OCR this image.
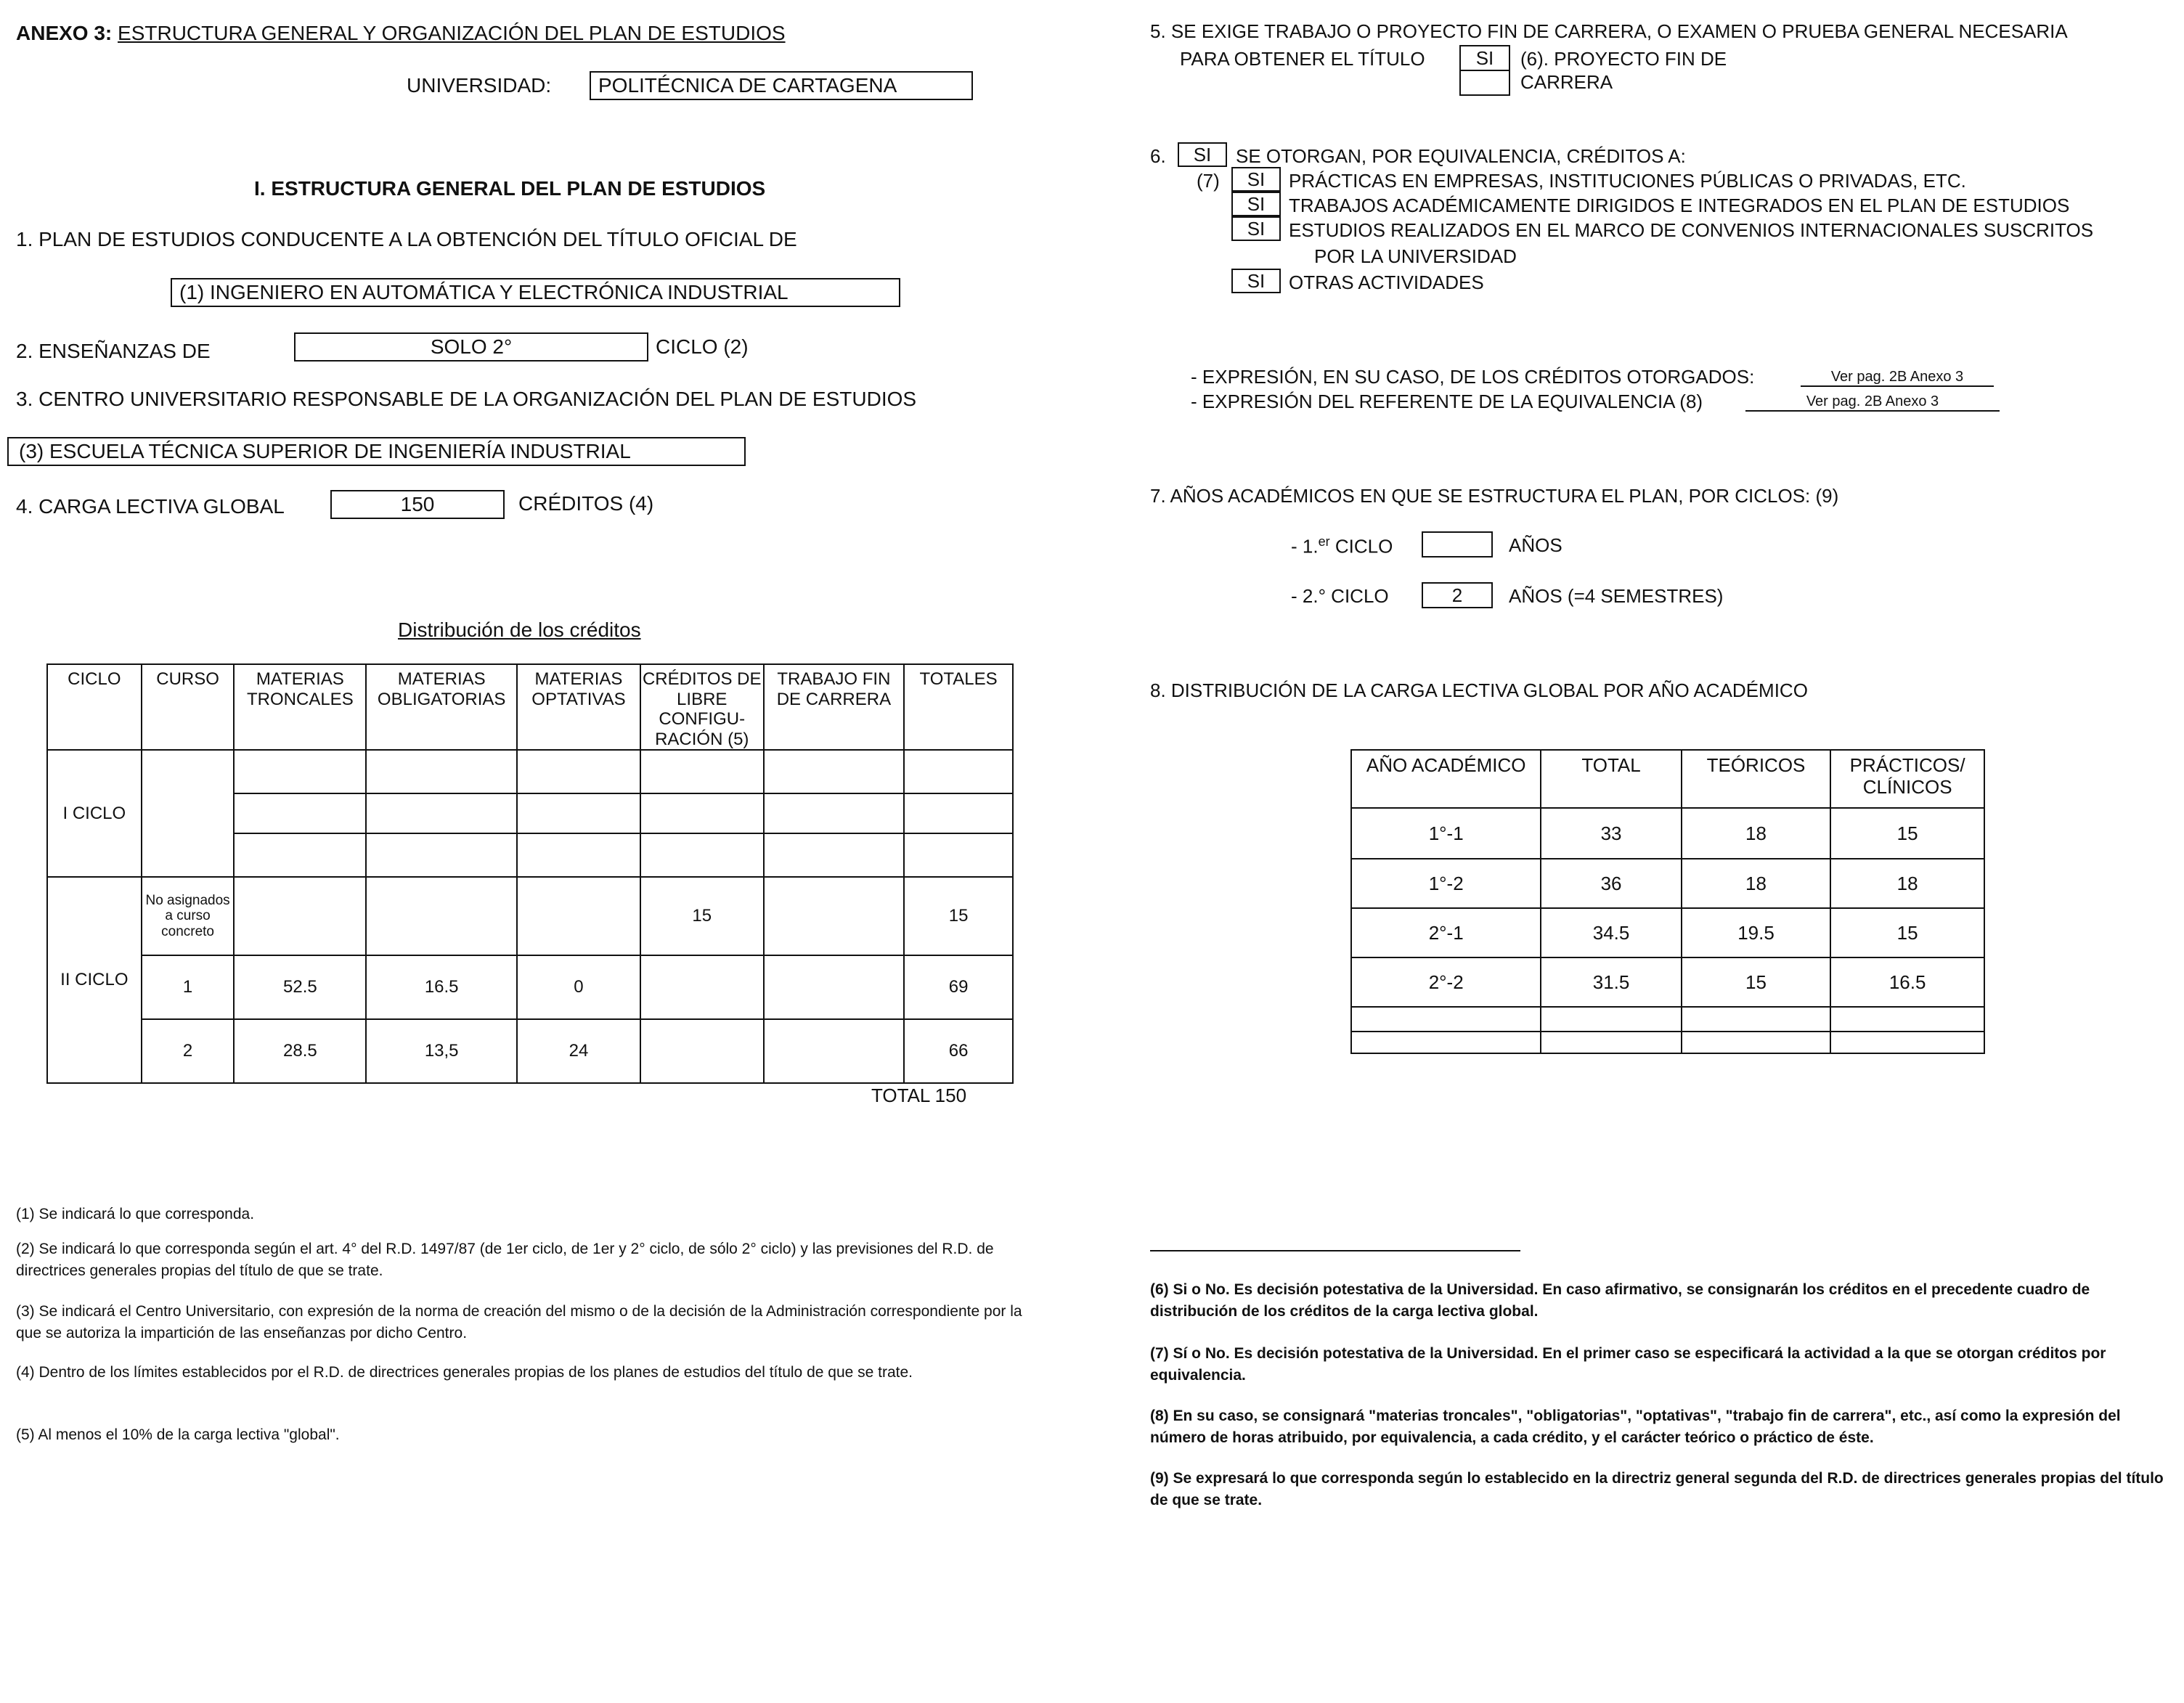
ANEXO 3: ESTRUCTURA GENERAL Y ORGANIZACIÓN DEL PLAN DE ESTUDIOS
UNIVERSIDAD:	POLITÉCNICA DE CARTAGENA
I. ESTRUCTURA GENERAL DEL PLAN DE ESTUDIOS
1. PLAN DE ESTUDIOS CONDUCENTE A LA OBTENCIÓN DEL TÍTULO OFICIAL DE
(1) INGENIERO EN AUTOMÁTICA Y ELECTRÓNICA INDUSTRIAL
2. ENSEÑANZAS DE	SOLO 2°	CICLO (2)
3. CENTRO UNIVERSITARIO RESPONSABLE DE LA ORGANIZACIÓN DEL PLAN DE ESTUDIOS
(3) ESCUELA TÉCNICA SUPERIOR DE INGENIERÍA INDUSTRIAL
4. CARGA LECTIVA GLOBAL	150	CRÉDITOS (4)
Distribución de los créditos
CICLO	CURSO	MATERIAS TRONCALES	MATERIAS OBLIGATORIAS	MATERIAS OPTATIVAS	CRÉDITOS DE LIBRE CONFIGU- RACIÓN (5)	TRABAJO FIN DE CARRERA	TOTALES
I CICLO							

II CICLO	No asignados a curso concreto				15		15
	1	52.5	16.5	0			69
	2	28.5	13,5	24			66
TOTAL 150
(1) Se indicará lo que corresponda.
(2) Se indicará lo que corresponda según el art. 4° del R.D. 1497/87 (de 1er ciclo, de 1er y 2° ciclo, de sólo 2° ciclo) y las previsiones del R.D. de directrices generales propias del título de que se trate.
(3) Se indicará el Centro Universitario, con expresión de la norma de creación del mismo o de la decisión de la Administración correspondiente por la que se autoriza la impartición de las enseñanzas por dicho Centro.
(4) Dentro de los límites establecidos por el R.D. de directrices generales propias de los planes de estudios del título de que se trate.
(5) Al menos el 10% de la carga lectiva "global".
5. SE EXIGE TRABAJO O PROYECTO FIN DE CARRERA, O EXAMEN O PRUEBA GENERAL NECESARIA
PARA OBTENER EL TÍTULO	SI	(6). PROYECTO FIN DE
CARRERA
6.	SI	SE OTORGAN, POR EQUIVALENCIA, CRÉDITOS A:
(7)	SI	PRÁCTICAS EN EMPRESAS, INSTITUCIONES PÚBLICAS O PRIVADAS, ETC.
SI	TRABAJOS ACADÉMICAMENTE DIRIGIDOS E INTEGRADOS EN EL PLAN DE ESTUDIOS
SI	ESTUDIOS REALIZADOS EN EL MARCO DE CONVENIOS INTERNACIONALES SUSCRITOS
POR LA UNIVERSIDAD
SI	OTRAS ACTIVIDADES
- EXPRESIÓN, EN SU CASO, DE LOS CRÉDITOS OTORGADOS:	Ver pag. 2B Anexo 3
- EXPRESIÓN DEL REFERENTE DE LA EQUIVALENCIA (8)	Ver pag. 2B Anexo 3
7. AÑOS ACADÉMICOS EN QUE SE ESTRUCTURA EL PLAN, POR CICLOS: (9)
- 1.$^{er}$ CICLO	AÑOS
- 2.° CICLO	2	AÑOS (=4 SEMESTRES)
8. DISTRIBUCIÓN DE LA CARGA LECTIVA GLOBAL POR AÑO ACADÉMICO
AÑO ACADÉMICO	TOTAL	TEÓRICOS	PRÁCTICOS/ CLÍNICOS
1°-1	33	18	15
1°-2	36	18	18
2°-1	34.5	19.5	15
2°-2	31.5	15	16.5

(6) Si o No. Es decisión potestativa de la Universidad. En caso afirmativo, se consignarán los créditos en el precedente cuadro de distribución de los créditos de la carga lectiva global.
(7) Sí o No. Es decisión potestativa de la Universidad. En el primer caso se especificará la actividad a la que se otorgan créditos por equivalencia.
(8) En su caso, se consignará "materias troncales", "obligatorias", "optativas", "trabajo fin de carrera", etc., así como la expresión del número de horas atribuido, por equivalencia, a cada crédito, y el carácter teórico o práctico de éste.
(9) Se expresará lo que corresponda según lo establecido en la directriz general segunda del R.D. de directrices generales propias del título de que se trate.
